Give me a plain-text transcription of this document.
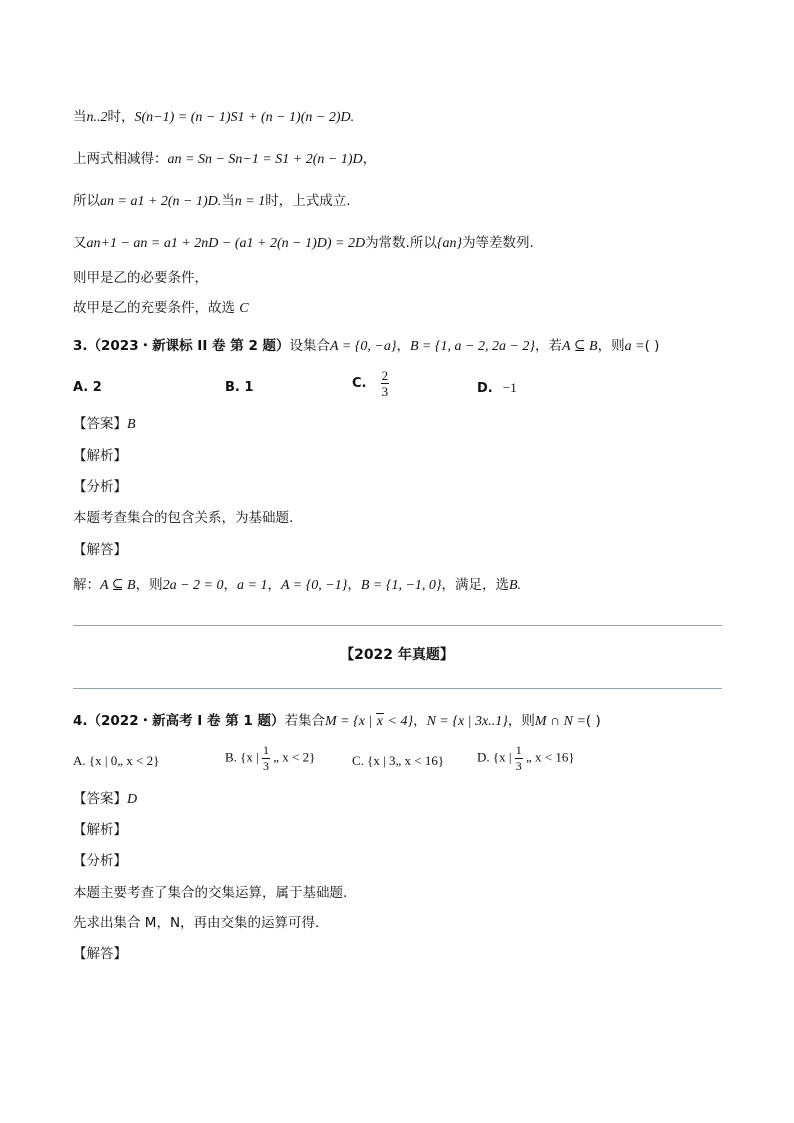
当n..2时，S(n−1) = (n − 1)S1 + (n − 1)(n − 2)D.
上两式相减得：an = Sn − Sn−1 = S1 + 2(n − 1)D，
所以an = a1 + 2(n − 1)D.当n = 1时，上式成立.
又an+1 − an = a1 + 2nD − (a1 + 2(n − 1)D) = 2D为常数.所以{an}为等差数列.
则甲是乙的必要条件，
故甲是乙的充要条件，故选 C
3.（2023・新课标 II 卷 第 2 题）设集合A = {0, −a}，B = {1, a − 2, 2a − 2}，若A ⊆ B，则a =( )
A. 2	B. 1	C. $\frac{2}{3}$	D. −1
【答案】B
【解析】
【分析】
本题考查集合的包含关系，为基础题.
【解答】
解：A ⊆ B，则2a − 2 = 0，a = 1，A = {0, −1}，B = {1, −1, 0}，满足，选B.
【2022 年真题】
4.（2022・新高考 I 卷 第 1 题）若集合M = {x | x < 4}，N = {x | 3x..1}，则M ∩ N =( )
A. {x | 0„ x < 2}	B. {x | $\frac{1}{3}$ „ x < 2}	C. {x | 3„ x < 16}	D. {x | $\frac{1}{3}$ „ x < 16}
【答案】D
【解析】
【分析】
本题主要考查了集合的交集运算，属于基础题.
先求出集合 M，N，再由交集的运算可得.
【解答】
